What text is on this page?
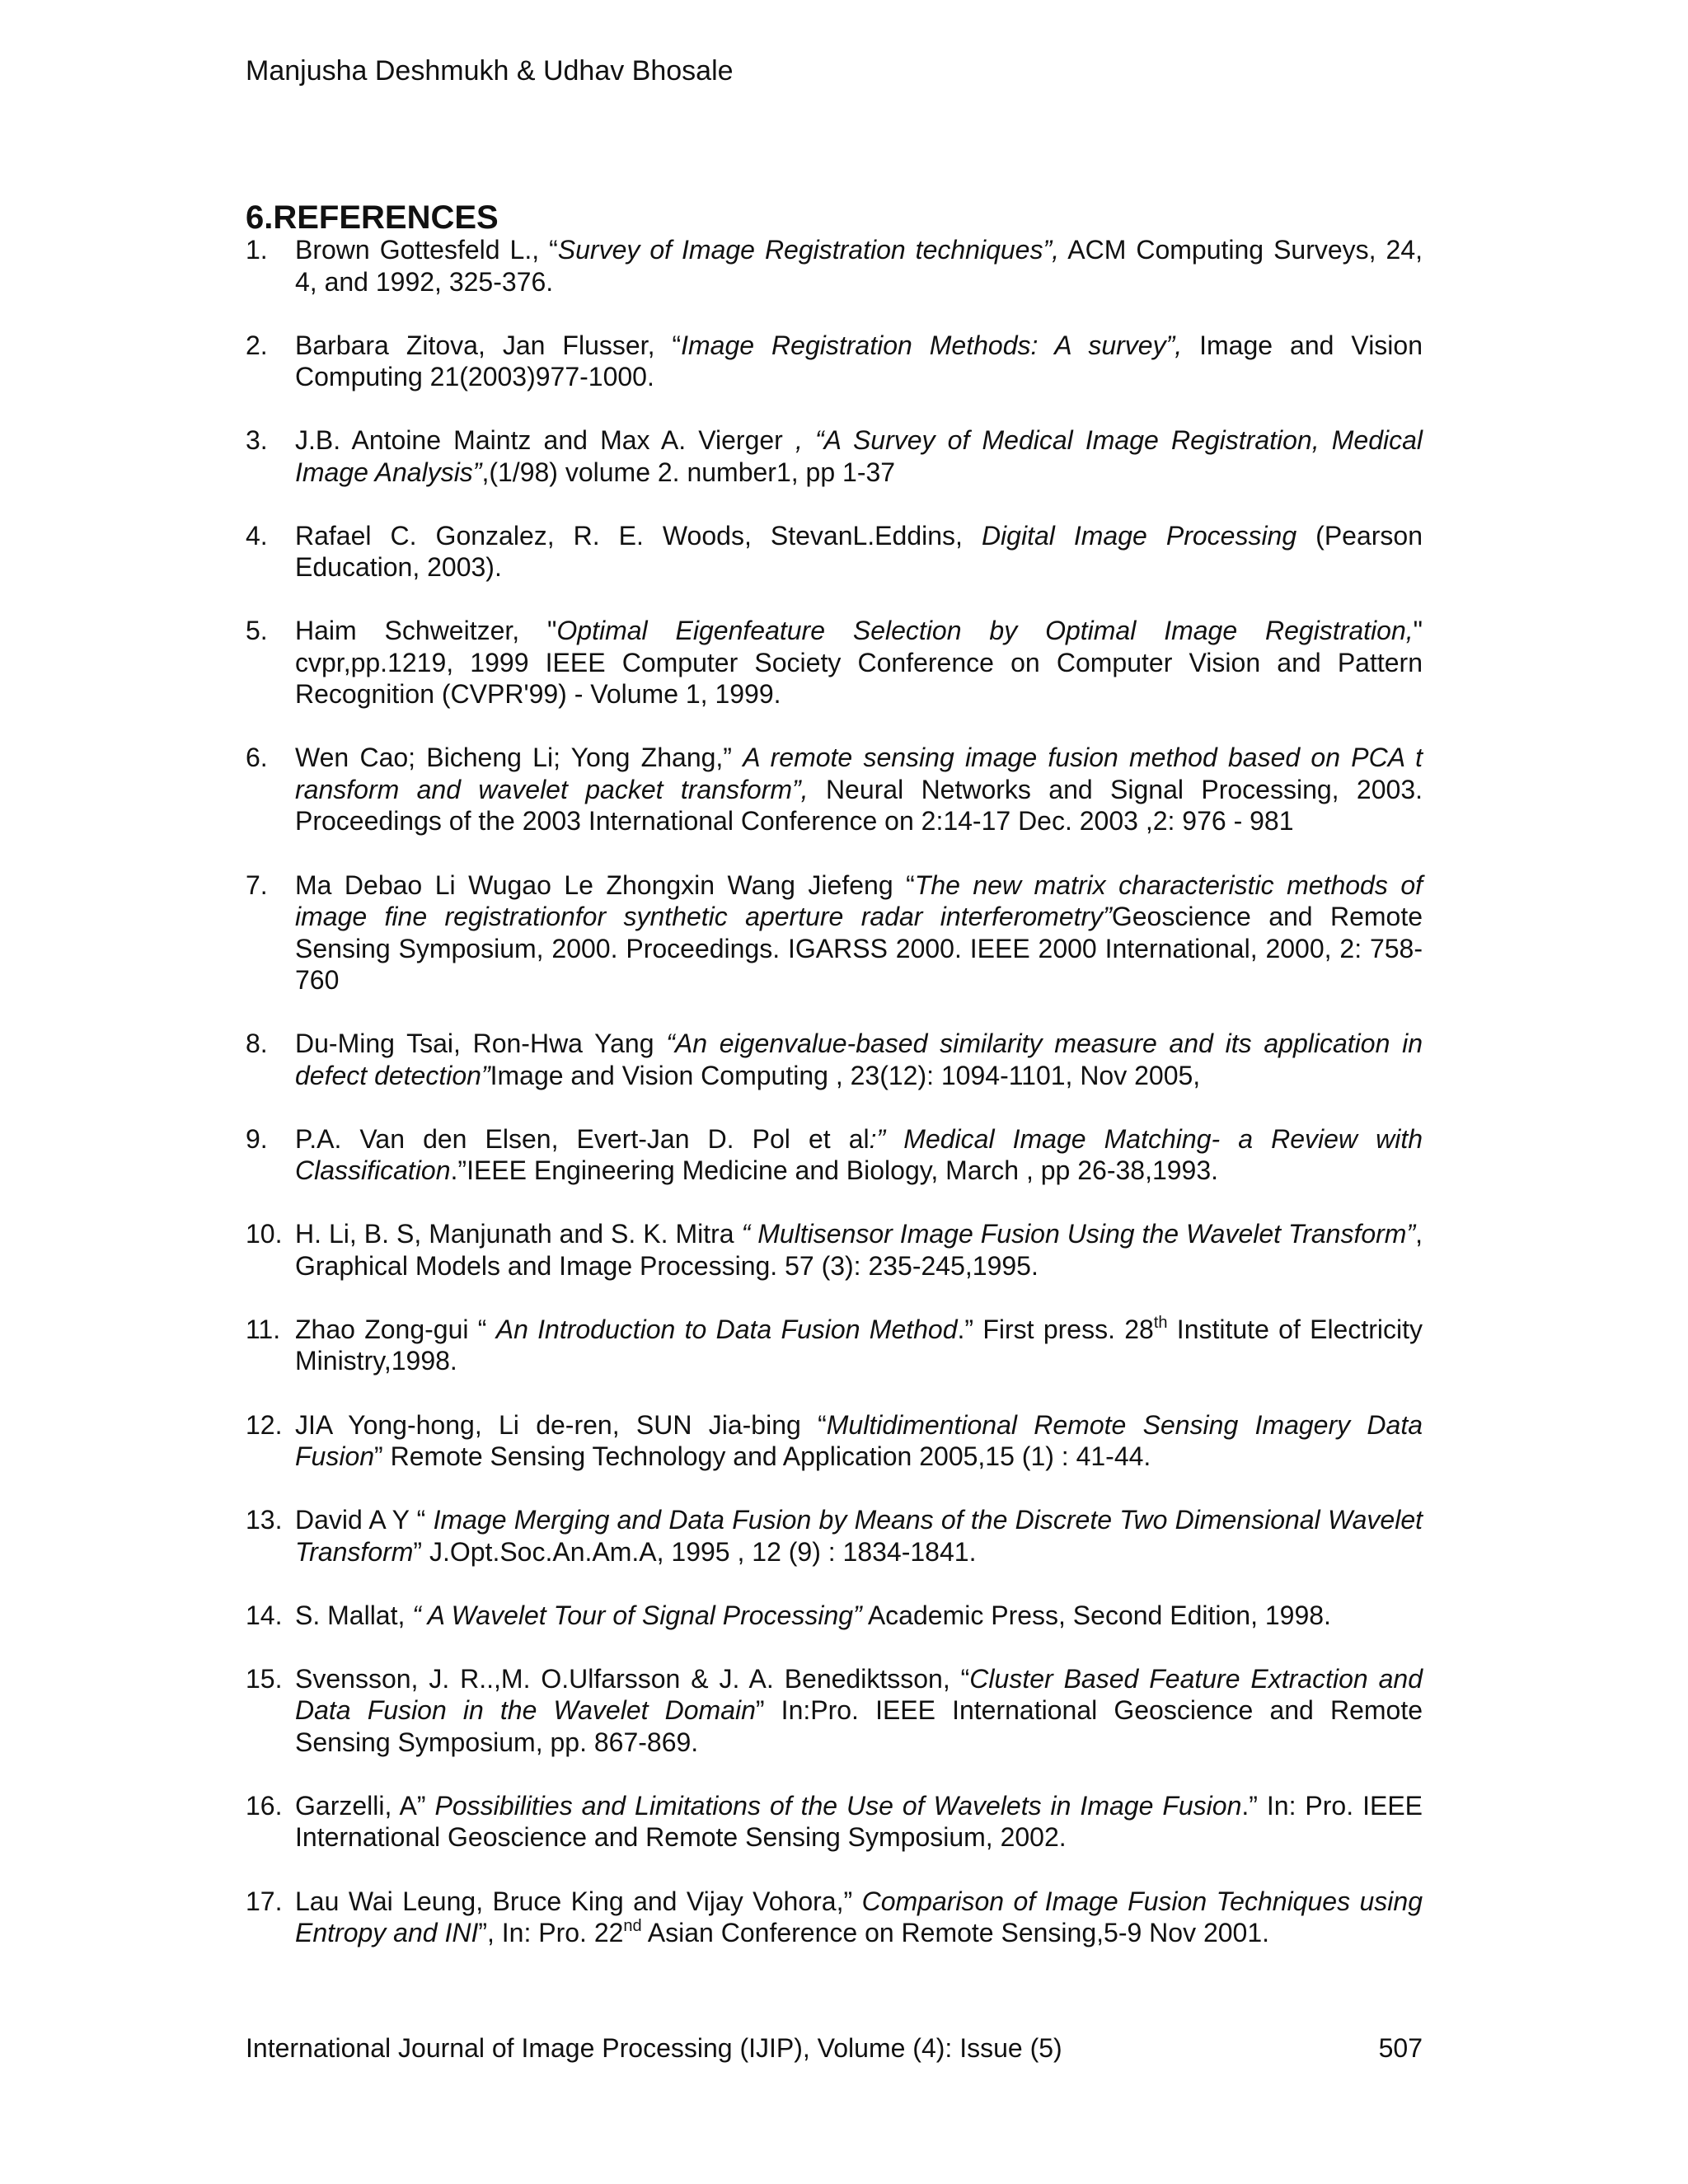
Manjusha Deshmukh & Udhav Bhosale
6.REFERENCES
1. Brown Gottesfeld L., “Survey of Image Registration techniques”, ACM Computing Surveys, 24, 4, and 1992, 325-376.
2. Barbara Zitova, Jan Flusser, “Image Registration Methods: A survey”, Image and Vision Computing 21(2003)977-1000.
3. J.B. Antoine Maintz and Max A. Vierger , “A Survey of Medical Image Registration, Medical Image Analysis”,(1/98) volume 2. number1, pp 1-37
4. Rafael C. Gonzalez, R. E. Woods, StevanL.Eddins, Digital Image Processing (Pearson Education, 2003).
5. Haim Schweitzer, "Optimal Eigenfeature Selection by Optimal Image Registration," cvpr,pp.1219, 1999 IEEE Computer Society Conference on Computer Vision and Pattern Recognition (CVPR'99) - Volume 1, 1999.
6. Wen Cao; Bicheng Li; Yong Zhang,” A remote sensing image fusion method based on PCA t ransform and wavelet packet transform”, Neural Networks and Signal Processing, 2003. Proceedings of the 2003 International Conference on 2:14-17 Dec. 2003 ,2: 976 - 981
7. Ma Debao Li Wugao Le Zhongxin Wang Jiefeng “The new matrix characteristic methods of image fine registrationfor synthetic aperture radar interferometry”Geoscience and Remote Sensing Symposium, 2000. Proceedings. IGARSS 2000. IEEE 2000 International, 2000, 2: 758-760
8. Du-Ming Tsai, Ron-Hwa Yang “An eigenvalue-based similarity measure and its application in defect detection”Image and Vision Computing , 23(12): 1094-1101, Nov 2005,
9. P.A. Van den Elsen, Evert-Jan D. Pol et al:” Medical Image Matching- a Review with Classification.”IEEE Engineering Medicine and Biology, March , pp 26-38,1993.
10. H. Li, B. S, Manjunath and S. K. Mitra “ Multisensor Image Fusion Using the Wavelet Transform”, Graphical Models and Image Processing. 57 (3): 235-245,1995.
11. Zhao Zong-gui “ An Introduction to Data Fusion Method.” First press. 28th Institute of Electricity Ministry,1998.
12. JIA Yong-hong, Li de-ren, SUN Jia-bing “Multidimentional Remote Sensing Imagery Data Fusion” Remote Sensing Technology and Application 2005,15 (1) : 41-44.
13. David A Y “ Image Merging and Data Fusion by Means of the Discrete Two Dimensional Wavelet Transform” J.Opt.Soc.An.Am.A, 1995 , 12 (9) : 1834-1841.
14. S. Mallat, “ A Wavelet Tour of Signal Processing” Academic Press, Second Edition, 1998.
15. Svensson, J. R..,M. O.Ulfarsson & J. A. Benediktsson, “Cluster Based Feature Extraction and Data Fusion in the Wavelet Domain” In:Pro. IEEE International Geoscience and Remote Sensing Symposium, pp. 867-869.
16. Garzelli, A” Possibilities and Limitations of the Use of Wavelets in Image Fusion.” In: Pro. IEEE International Geoscience and Remote Sensing Symposium, 2002.
17. Lau Wai Leung, Bruce King and Vijay Vohora,” Comparison of Image Fusion Techniques using Entropy and INI”, In: Pro. 22nd Asian Conference on Remote Sensing,5-9 Nov 2001.
International Journal of Image Processing (IJIP), Volume (4): Issue (5)	507
